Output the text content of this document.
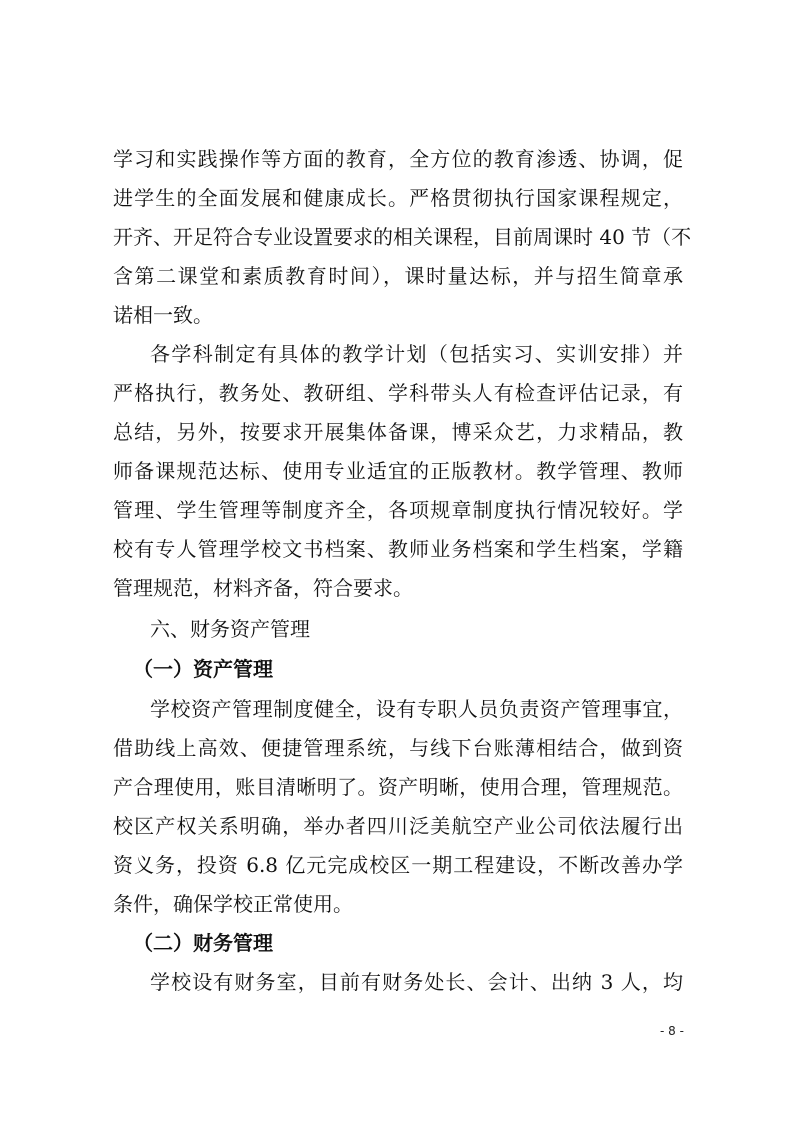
学习和实践操作等方面的教育，全方位的教育渗透、协调，促
进学生的全面发展和健康成长。严格贯彻执行国家课程规定，
开齐、开足符合专业设置要求的相关课程，目前周课时 40 节（不
含第二课堂和素质教育时间），课时量达标，并与招生简章承
诺相一致。
各学科制定有具体的教学计划（包括实习、实训安排）并
严格执行，教务处、教研组、学科带头人有检查评估记录，有
总结，另外，按要求开展集体备课，博采众艺，力求精品，教
师备课规范达标、使用专业适宜的正版教材。教学管理、教师
管理、学生管理等制度齐全，各项规章制度执行情况较好。学
校有专人管理学校文书档案、教师业务档案和学生档案，学籍
管理规范，材料齐备，符合要求。
六、财务资产管理
（一）资产管理
学校资产管理制度健全，设有专职人员负责资产管理事宜，
借助线上高效、便捷管理系统，与线下台账薄相结合，做到资
产合理使用，账目清晰明了。资产明晰，使用合理，管理规范。
校区产权关系明确，举办者四川泛美航空产业公司依法履行出
资义务，投资 6.8 亿元完成校区一期工程建设，不断改善办学
条件，确保学校正常使用。
（二）财务管理
学校设有财务室，目前有财务处长、会计、出纳 3 人，均
- 8 -
